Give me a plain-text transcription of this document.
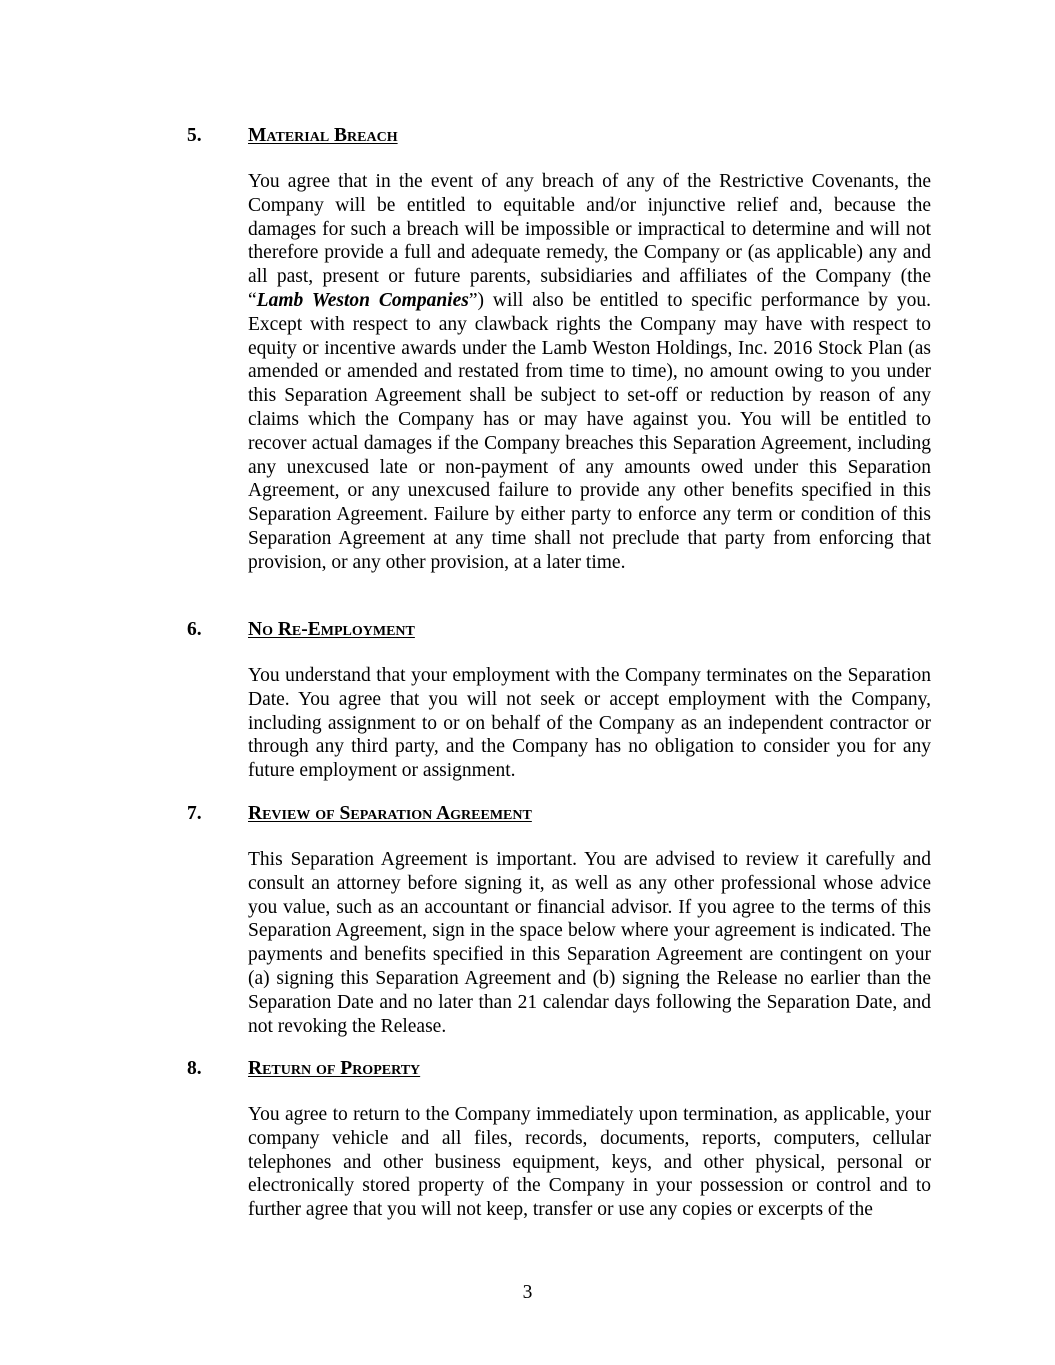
5. Material Breach

You agree that in the event of any breach of any of the Restrictive Covenants, the Company will be entitled to equitable and/or injunctive relief and, because the damages for such a breach will be impossible or impractical to determine and will not therefore provide a full and adequate remedy, the Company or (as applicable) any and all past, present or future parents, subsidiaries and affiliates of the Company (the “Lamb Weston Companies”) will also be entitled to specific performance by you. Except with respect to any clawback rights the Company may have with respect to equity or incentive awards under the Lamb Weston Holdings, Inc. 2016 Stock Plan (as amended or amended and restated from time to time), no amount owing to you under this Separation Agreement shall be subject to set-off or reduction by reason of any claims which the Company has or may have against you. You will be entitled to recover actual damages if the Company breaches this Separation Agreement, including any unexcused late or non-payment of any amounts owed under this Separation Agreement, or any unexcused failure to provide any other benefits specified in this Separation Agreement. Failure by either party to enforce any term or condition of this Separation Agreement at any time shall not preclude that party from enforcing that provision, or any other provision, at a later time.

6. No Re-Employment

You understand that your employment with the Company terminates on the Separation Date. You agree that you will not seek or accept employment with the Company, including assignment to or on behalf of the Company as an independent contractor or through any third party, and the Company has no obligation to consider you for any future employment or assignment.

7. Review of Separation Agreement

This Separation Agreement is important. You are advised to review it carefully and consult an attorney before signing it, as well as any other professional whose advice you value, such as an accountant or financial advisor. If you agree to the terms of this Separation Agreement, sign in the space below where your agreement is indicated. The payments and benefits specified in this Separation Agreement are contingent on your (a) signing this Separation Agreement and (b) signing the Release no earlier than the Separation Date and no later than 21 calendar days following the Separation Date, and not revoking the Release.

8. Return of Property

You agree to return to the Company immediately upon termination, as applicable, your company vehicle and all files, records, documents, reports, computers, cellular telephones and other business equipment, keys, and other physical, personal or electronically stored property of the Company in your possession or control and to further agree that you will not keep, transfer or use any copies or excerpts of the

3
